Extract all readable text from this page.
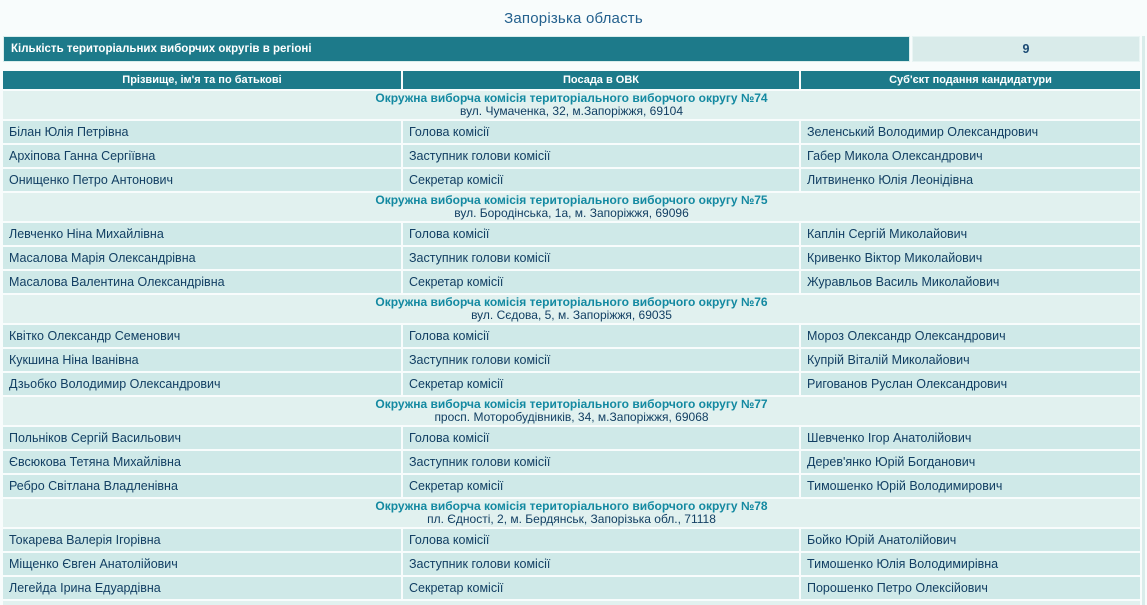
Запорізька область
Кількість територіальних виборчих округів в регіоні	9
Прізвище, ім'я та по батькові	Посада в ОВК	Суб'єкт подання кандидатури
Окружна виборча комісія територіального виборчого округу №74
вул. Чумаченка, 32, м.Запоріжжя, 69104
Білан Юлія Петрівна	Голова комісії	Зеленський Володимир Олександрович
Архіпова Ганна Сергіївна	Заступник голови комісії	Габер Микола Олександрович
Онищенко Петро Антонович	Секретар комісії	Литвиненко Юлія Леонідівна
Окружна виборча комісія територіального виборчого округу №75
вул. Бородінська, 1а, м. Запоріжжя, 69096
Левченко Ніна Михайлівна	Голова комісії	Каплін Сергій Миколайович
Масалова Марія Олександрівна	Заступник голови комісії	Кривенко Віктор Миколайович
Масалова Валентина Олександрівна	Секретар комісії	Журавльов Василь Миколайович
Окружна виборча комісія територіального виборчого округу №76
вул. Сєдова, 5, м. Запоріжжя, 69035
Квітко Олександр Семенович	Голова комісії	Мороз Олександр Олександрович
Кукшина Ніна Іванівна	Заступник голови комісії	Купрій Віталій Миколайович
Дзьобко Володимир Олександрович	Секретар комісії	Ригованов Руслан Олександрович
Окружна виборча комісія територіального виборчого округу №77
просп. Моторобудівників, 34, м.Запоріжжя, 69068
Польніков Сергій Васильович	Голова комісії	Шевченко Ігор Анатолійович
Євсюкова Тетяна Михайлівна	Заступник голови комісії	Дерев'янко Юрій Богданович
Ребро Світлана Владленівна	Секретар комісії	Тимошенко Юрій Володимирович
Окружна виборча комісія територіального виборчого округу №78
пл. Єдності, 2, м. Бердянськ, Запорізька обл., 71118
Токарева Валерія Ігорівна	Голова комісії	Бойко Юрій Анатолійович
Міщенко Євген Анатолійович	Заступник голови комісії	Тимошенко Юлія Володимирівна
Легейда Ірина Едуардівна	Секретар комісії	Порошенко Петро Олексійович
